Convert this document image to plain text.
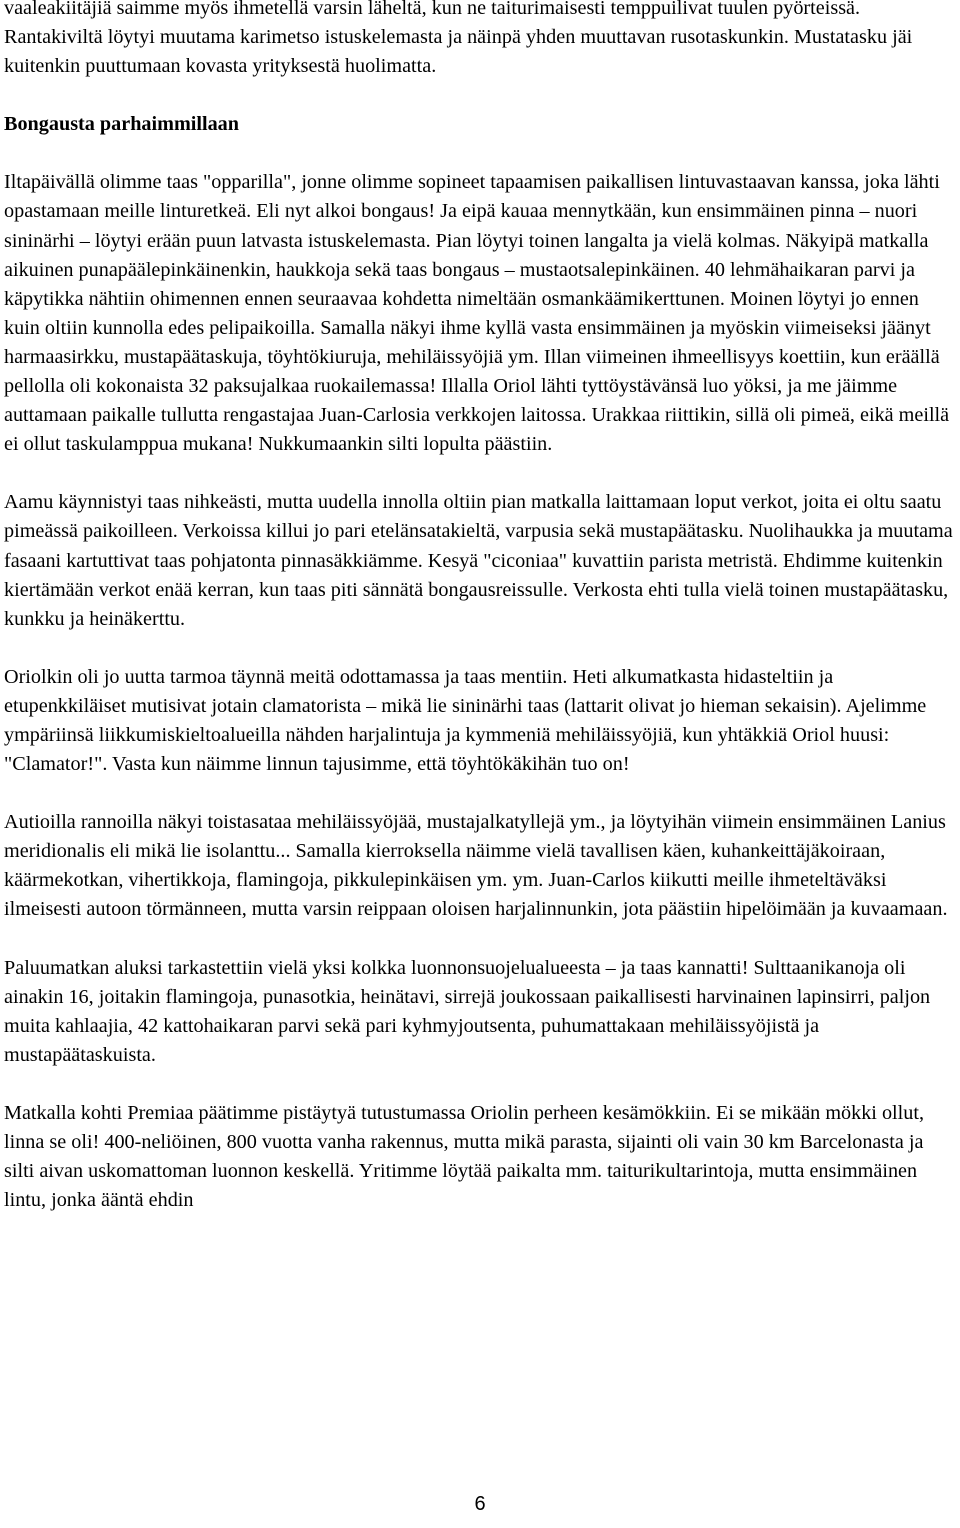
vaaleakiitäjiä saimme myös ihmetellä varsin läheltä, kun ne taiturimaisesti temppuilivat tuulen pyörteissä. Rantakiviltä löytyi muutama karimetso istuskelemasta ja näinpä yhden muuttavan rusotaskunkin. Mustatasku jäi kuitenkin puuttumaan kovasta yrityksestä huolimatta.

Bongausta parhaimmillaan

Iltapäivällä olimme taas "opparilla", jonne olimme sopineet tapaamisen paikallisen lintuvastaavan kanssa, joka lähti opastamaan meille linturetkeä. Eli nyt alkoi bongaus! Ja eipä kauaa mennytkään, kun ensimmäinen pinna – nuori sininärhi – löytyi erään puun latvasta istuskelemasta. Pian löytyi toinen langalta ja vielä kolmas. Näkyipä matkalla aikuinen punapäälepinkäinenkin, haukkoja sekä taas bongaus – mustaotsalepinkäinen. 40 lehmähaikaran parvi ja käpytikka nähtiin ohimennen ennen seuraavaa kohdetta nimeltään osmankäämikerttunen. Moinen löytyi jo ennen kuin oltiin kunnolla edes pelipaikoilla. Samalla näkyi ihme kyllä vasta ensimmäinen ja myöskin viimeiseksi jäänyt harmaasirkku, mustapäätaskuja, töyhtökiuruja, mehiläissyöjiä ym. Illan viimeinen ihmeellisyys koettiin, kun eräällä pellolla oli kokonaista 32 paksujalkaa ruokailemassa! Illalla Oriol lähti tyttöystävänsä luo yöksi, ja me jäimme auttamaan paikalle tullutta rengastajaa Juan-Carlosia verkkojen laitossa. Urakkaa riittikin, sillä oli pimeä, eikä meillä ei ollut taskulamppua mukana! Nukkumaankin silti lopulta päästiin.

Aamu käynnistyi taas nihkeästi, mutta uudella innolla oltiin pian matkalla laittamaan loput verkot, joita ei oltu saatu pimeässä paikoilleen. Verkoissa killui jo pari etelänsatakieltä, varpusia sekä mustapäätasku. Nuolihaukka ja muutama fasaani kartuttivat taas pohjatonta pinnasäkkiämme. Kesyä "ciconiaa" kuvattiin parista metristä. Ehdimme kuitenkin kiertämään verkot enää kerran, kun taas piti sännätä bongausreissulle. Verkosta ehti tulla vielä toinen mustapäätasku, kunkku ja heinäkerttu.

Oriolkin oli jo uutta tarmoa täynnä meitä odottamassa ja taas mentiin. Heti alkumatkasta hidasteltiin ja etupenkkiläiset mutisivat jotain clamatorista – mikä lie sininärhi taas (lattarit olivat jo hieman sekaisin). Ajelimme ympäriinsä liikkumiskieltoalueilla nähden harjalintuja ja kymmeniä mehiläissyöjiä, kun yhtäkkiä Oriol huusi: "Clamator!". Vasta kun näimme linnun tajusimme, että töyhtökäkihän tuo on!

Autioilla rannoilla näkyi toistasataa mehiläissyöjää, mustajalkatyllejä ym., ja löytyihän viimein ensimmäinen Lanius meridionalis eli mikä lie isolanttu... Samalla kierroksella näimme vielä tavallisen käen, kuhankeittäjäkoiraan, käärmekotkan, vihertikkoja, flamingoja, pikkulepinkäisen ym. ym. Juan-Carlos kiikutti meille ihmeteltäväksi ilmeisesti autoon törmänneen, mutta varsin reippaan oloisen harjalinnunkin, jota päästiin hipelöimään ja kuvaamaan.

Paluumatkan aluksi tarkastettiin vielä yksi kolkka luonnonsuojelualueesta – ja taas kannatti! Sulttaanikanoja oli ainakin 16, joitakin flamingoja, punasotkia, heinätavi, sirrejä joukossaan paikallisesti harvinainen lapinsirri, paljon muita kahlaajia, 42 kattohaikaran parvi sekä pari kyhmyjoutsenta, puhumattakaan mehiläissyöjistä ja mustapäätaskuista.

Matkalla kohti Premiaa päätimme pistäytyä tutustumassa Oriolin perheen kesämökkiin. Ei se mikään mökki ollut, linna se oli! 400-neliöinen, 800 vuotta vanha rakennus, mutta mikä parasta, sijainti oli vain 30 km Barcelonasta ja silti aivan uskomattoman luonnon keskellä. Yritimme löytää paikalta mm. taiturikultarintoja, mutta ensimmäinen lintu, jonka ääntä ehdin

6
